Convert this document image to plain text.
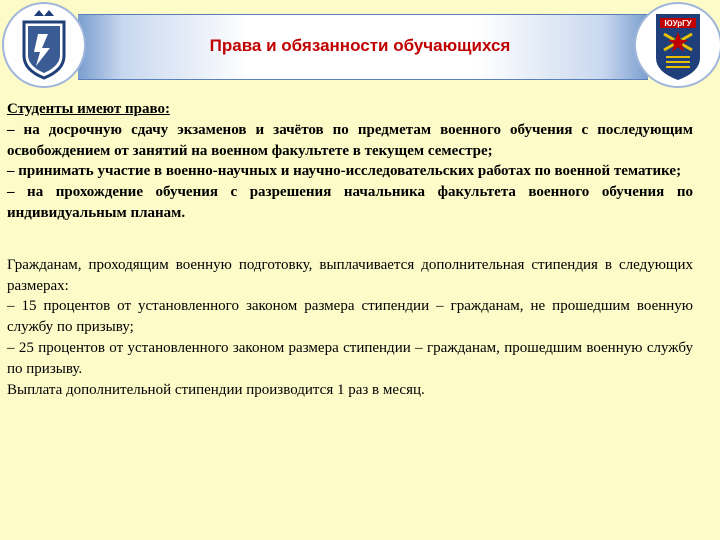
ЮУрГУ
Права и обязанности обучающихся

Студенты имеют право:

– на досрочную сдачу экзаменов и зачётов по предметам военного обучения с последующим освобождением от занятий на военном факультете в текущем семестре;

– принимать участие в военно-научных и научно-исследовательских работах по военной тематике;

– на прохождение обучения с разрешения начальника факультета военного обучения по индивидуальным планам.

Гражданам, проходящим военную подготовку, выплачивается дополнительная стипендия в следующих размерах:

– 15 процентов от установленного законом размера стипендии – гражданам, не прошедшим военную службу по призыву;

– 25 процентов от установленного законом размера стипендии – гражданам, прошедшим военную службу по призыву.

Выплата дополнительной стипендии производится 1 раз в месяц.
